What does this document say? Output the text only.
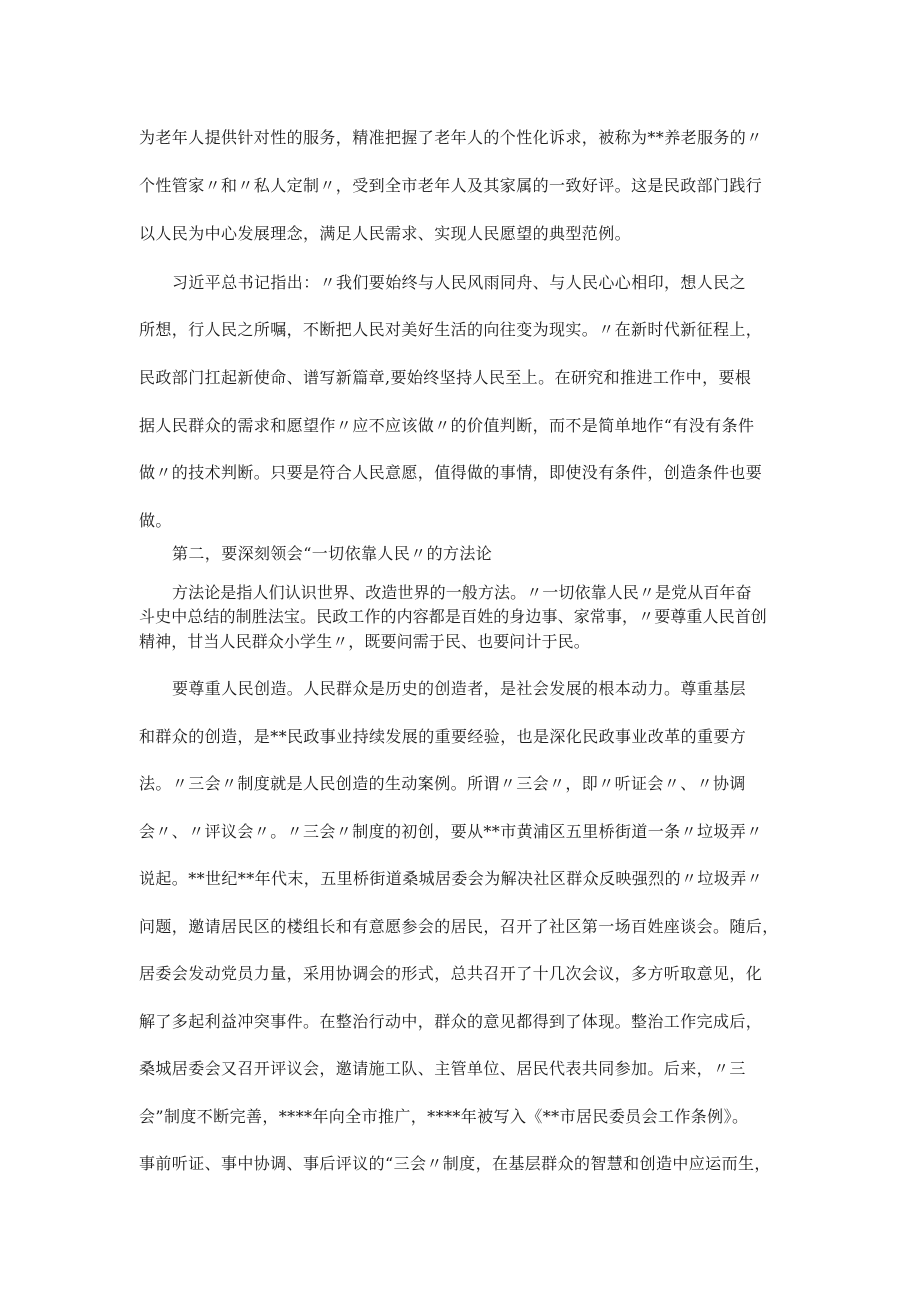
为老年人提供针对性的服务，精准把握了老年人的个性化诉求，被称为**养老服务的〃
个性管家〃和〃私人定制〃，受到全市老年人及其家属的一致好评。这是民政部门践行
以人民为中心发展理念，满足人民需求、实现人民愿望的典型范例。
习近平总书记指出：〃我们要始终与人民风雨同舟、与人民心心相印，想人民之
所想，行人民之所嘱，不断把人民对美好生活的向往变为现实。〃在新时代新征程上，
民政部门扛起新使命、谱写新篇章,要始终坚持人民至上。在研究和推进工作中，要根
据人民群众的需求和愿望作〃应不应该做〃的价值判断，而不是简单地作“有没有条件
做〃的技术判断。只要是符合人民意愿，值得做的事情，即使没有条件，创造条件也要
做。
第二，要深刻领会“一切依靠人民〃的方法论
方法论是指人们认识世界、改造世界的一般方法。〃一切依靠人民〃是党从百年奋
斗史中总结的制胜法宝。民政工作的内容都是百姓的身边事、家常事，〃要尊重人民首创
精神，甘当人民群众小学生〃，既要问需于民、也要问计于民。
要尊重人民创造。人民群众是历史的创造者，是社会发展的根本动力。尊重基层
和群众的创造，是**民政事业持续发展的重要经验，也是深化民政事业改革的重要方
法。〃三会〃制度就是人民创造的生动案例。所谓〃三会〃，即〃听证会〃、〃协调
会〃、〃评议会〃。〃三会〃制度的初创，要从**市黄浦区五里桥街道一条〃垃圾弄〃
说起。**世纪**年代末，五里桥街道桑城居委会为解决社区群众反映强烈的〃垃圾弄〃
问题，邀请居民区的楼组长和有意愿参会的居民，召开了社区第一场百姓座谈会。随后，
居委会发动党员力量，采用协调会的形式，总共召开了十几次会议，多方听取意见，化
解了多起利益冲突事件。在整治行动中，群众的意见都得到了体现。整治工作完成后，
桑城居委会又召开评议会，邀请施工队、主管单位、居民代表共同参加。后来，〃三
会”制度不断完善，****年向全市推广，****年被写入《**市居民委员会工作条例》。
事前听证、事中协调、事后评议的“三会〃制度，在基层群众的智慧和创造中应运而生，
